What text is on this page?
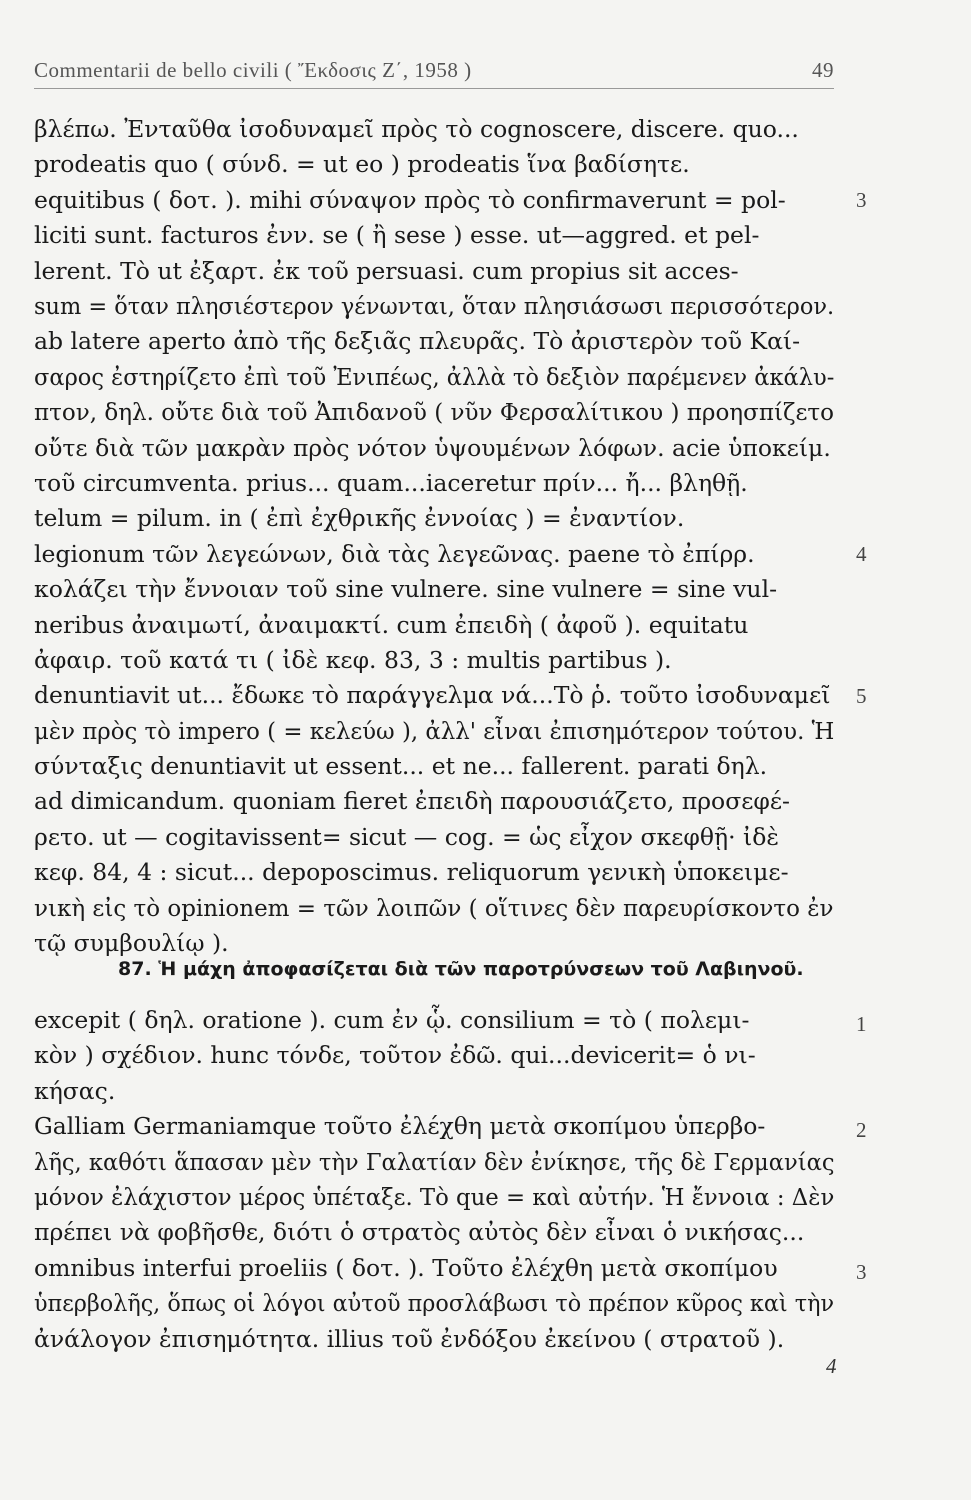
Commentarii de bello civili ( Ἔκδοσις Ζ΄, 1958 )	49
βλέπω. Ἐνταῦθα ἰσοδυναμεῖ πρὸς τὸ cognoscere, discere. quo...
prodeatis quo ( σύνδ. = ut eo ) prodeatis ἵνα βαδίσητε.
equitibus ( δοτ. ). mihi σύναψον πρὸς τὸ confirmaverunt = pol-
liciti sunt. facturos ἐνν. se ( ἢ sese ) esse. ut—aggred. et pel-
lerent. Τὸ ut ἐξαρτ. ἐκ τοῦ persuasi. cum propius sit acces-
sum = ὅταν πλησιέστερον γένωνται, ὅταν πλησιάσωσι περισσότερον.

ab latere aperto ἀπὸ τῆς δεξιᾶς πλευρᾶς. Τὸ ἀριστερὸν τοῦ Καί-
σαρος ἐστηρίζετο ἐπὶ τοῦ Ἐνιπέως, ἀλλὰ τὸ δεξιὸν παρέμενεν ἀκάλυ-
πτον, δηλ. οὔτε διὰ τοῦ Ἀπιδανοῦ ( νῦν Φερσαλίτικου ) προησπίζετο

οὔτε διὰ τῶν μακρὰν πρὸς νότον ὑψουμένων λόφων. acie ὑποκείμ.
τοῦ circumventa. prius... quam...iaceretur πρίν... ἤ... βληθῇ.
telum = pilum. in ( ἐπὶ ἐχθρικῆς ἐννοίας ) = ἐναντίον.
legionum τῶν λεγεώνων, διὰ τὰς λεγεῶνας. paene τὸ ἐπίρρ.
κολάζει τὴν ἔννοιαν τοῦ sine vulnere. sine vulnere = sine vul-
neribus ἀναιμωτί, ἀναιμακτί. cum ἐπειδὴ ( ἀφοῦ ). equitatu
ἀφαιρ. τοῦ κατά τι ( ἰδὲ κεφ. 83, 3 : multis partibus ).
denuntiavit ut... ἔδωκε τὸ παράγγελμα νά...Τὸ ῥ. τοῦτο ἰσοδυναμεῖ
μὲν πρὸς τὸ impero ( = κελεύω ), ἀλλ' εἶναι ἐπισημότερον τούτου. Ἡ

σύνταξις denuntiavit ut essent... et ne... fallerent. parati δηλ.
ad dimicandum. quoniam fieret ἐπειδὴ παρουσιάζετο, προσεφέ-
ρετο. ut — cogitavissent= sicut — cog. = ὡς εἶχον σκεφθῇ· ἰδὲ
κεφ. 84, 4 : sicut... depoposcimus. reliquorum γενικὴ ὑποκειμε-
νικὴ εἰς τὸ opinionem = τῶν λοιπῶν ( οἵτινες δὲν παρευρίσκοντο ἐν

τῷ συμβουλίῳ ).
3
4
5
87. Ἡ μάχη ἀποφασίζεται διὰ τῶν παροτρύνσεων τοῦ Λαβιηνοῦ.
excepit ( δηλ. oratione ). cum ἐν ᾧ. consilium = τὸ ( πολεμι-
κὸν ) σχέδιον. hunc τόνδε, τοῦτον ἐδῶ. qui...devicerit= ὁ νι-
κήσας.
Galliam Germaniamque τοῦτο ἐλέχθη μετὰ σκοπίμου ὑπερβο-
λῆς, καθότι ἅπασαν μὲν τὴν Γαλατίαν δὲν ἐνίκησε, τῆς δὲ Γερμανίας
μόνον ἐλάχιστον μέρος ὑπέταξε. Τὸ que = καὶ αὐτήν. Ἡ ἔννοια : Δὲν

πρέπει νὰ φοβῆσθε, διότι ὁ στρατὸς αὐτὸς δὲν εἶναι ὁ νικήσας...
omnibus interfui proeliis ( δοτ. ). Τοῦτο ἐλέχθη μετὰ σκοπίμου
ὑπερβολῆς, ὅπως οἱ λόγοι αὐτοῦ προσλάβωσι τὸ πρέπον κῦρος καὶ τὴν

ἀνάλογον ἐπισημότητα. illius τοῦ ἐνδόξου ἐκείνου ( στρατοῦ ).
1
2
3
4
